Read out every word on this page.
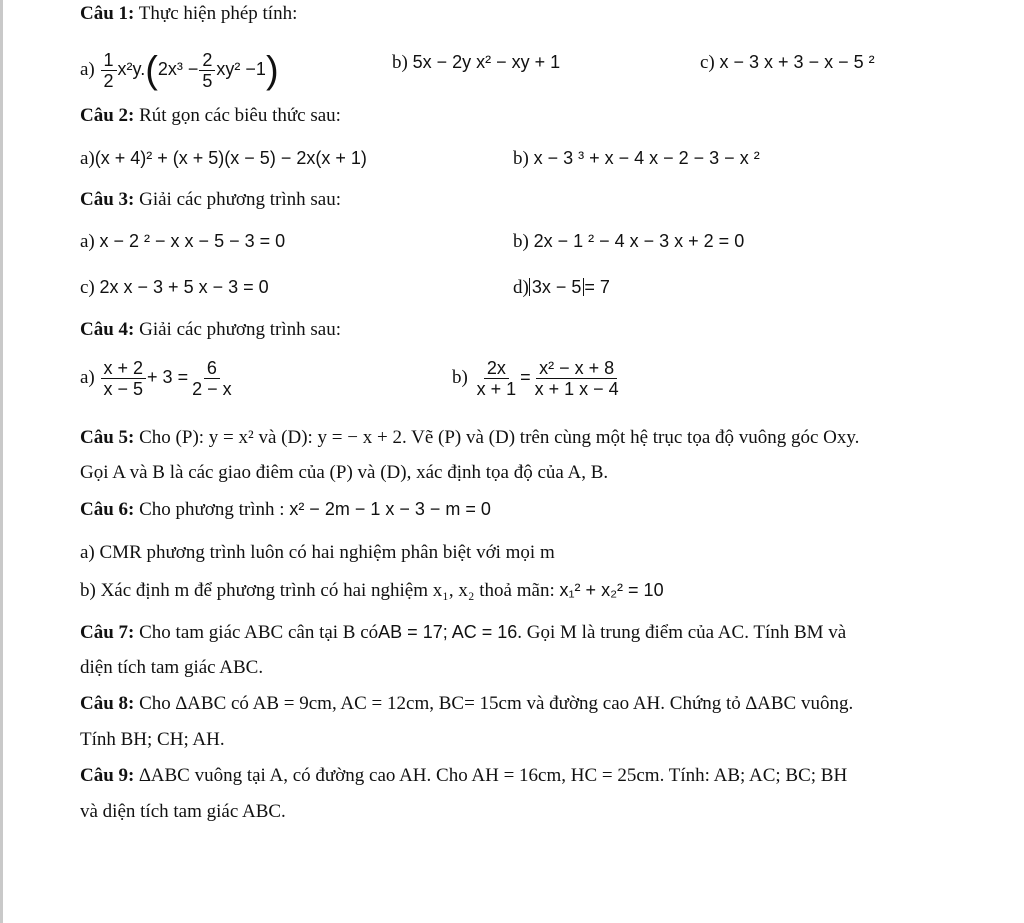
Câu 1: Thực hiện phép tính:
$a) \frac{1}{2} x^2y.(2x^3 - \frac{2}{5} xy^2 -1)$	b) 5x − 2y x² − xy + 1	c) x − 3 x + 3 − x − 5 ²
Câu 2: Rút gọn các biêu thức sau:
a)(x + 4)² + (x + 5)(x − 5) − 2x(x + 1)	b) x − 3 ³ + x − 4 x − 2 − 3 − x ²
Câu 3: Giải các phương trình sau:
a) x − 2 ² − x x − 5 − 3 = 0	b) 2x − 1 ² − 4 x − 3 x + 2 = 0
c) 2x x − 3 + 5 x − 3 = 0	d) 3x − 5 = 7
Câu 4: Giải các phương trình sau:
$a) \frac{x + 2}{x - 5} + 3 = \frac{6}{2 - x}$	$b) \frac{2x}{x + 1} = \frac{\text{x² − x + 8}}{x + 1 x - 4}$
Câu 5: Cho (P): y = x² và (D): y = − x + 2. Vẽ (P) và (D) trên cùng một hệ trục tọa độ vuông góc Oxy.
Gọi A và B là các giao điêm của (P) và (D), xác định tọa độ của A, B.
Câu 6: Cho phương trình : x² − 2m − 1 x − 3 − m = 0
a) CMR phương trình luôn có hai nghiệm phân biệt với mọi m
b) Xác định m để phương trình có hai nghiệm x₁, x₂ thoả mãn: x₁² + x₂² = 10
Câu 7: Cho tam giác ABC cân tại B cóAB = 17; AC = 16. Gọi M là trung điểm của AC. Tính BM và
diện tích tam giác ABC.
Câu 8: Cho ∆ABC có AB = 9cm, AC = 12cm, BC= 15cm và đường cao AH. Chứng tỏ ∆ABC vuông.
Tính BH; CH; AH.
Câu 9: ∆ABC vuông tại A, có đường cao AH. Cho AH = 16cm, HC = 25cm. Tính: AB; AC; BC; BH
và diện tích tam giác ABC.
